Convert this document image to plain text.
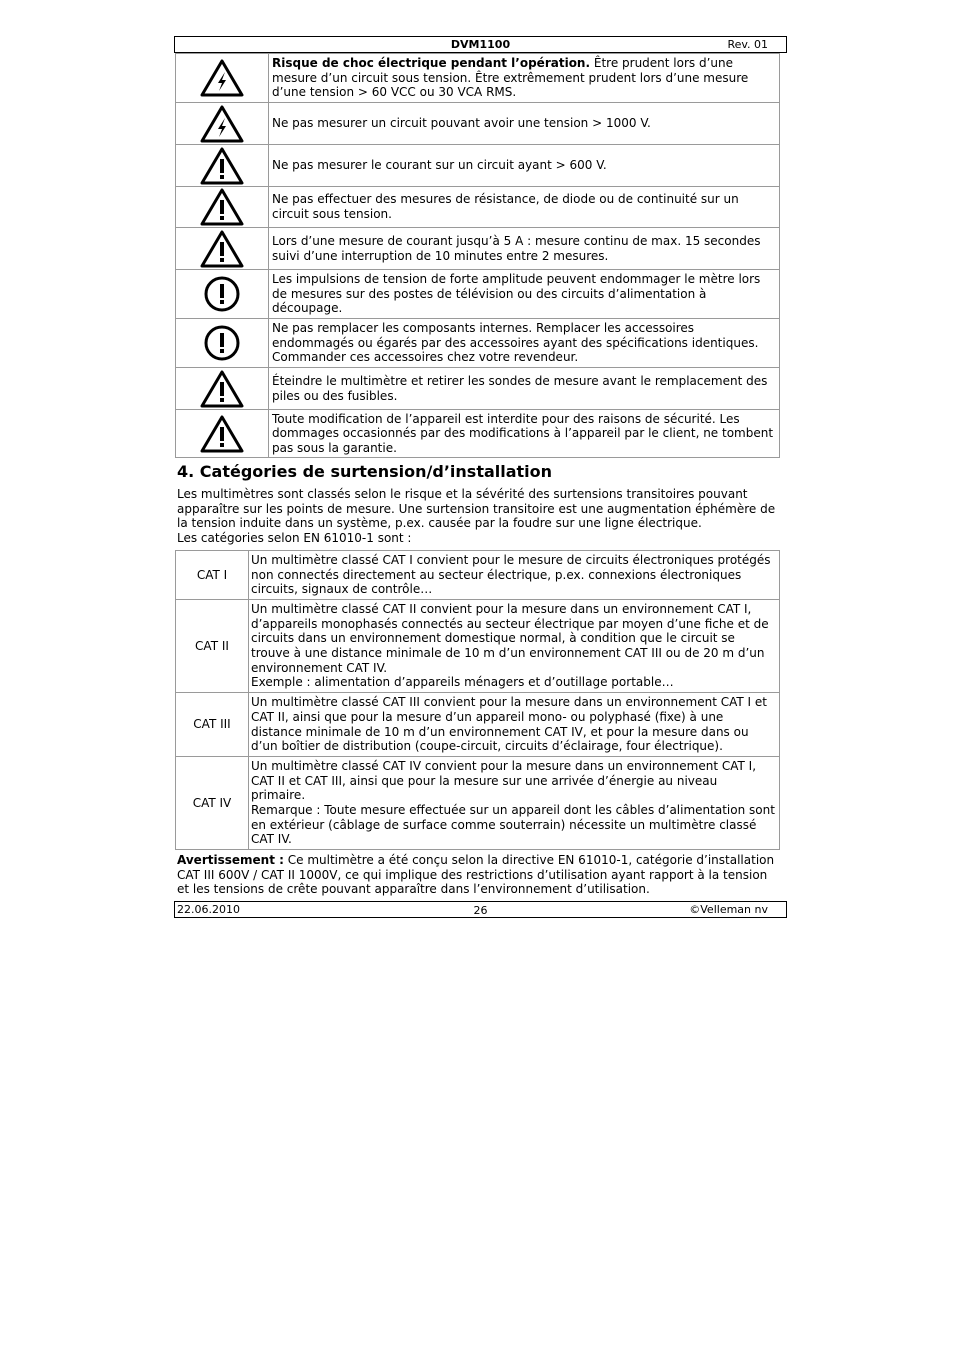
DVM1100	Rev. 01
	Risque de choc électrique pendant l’opération. Être prudent lors d’une mesure d’un circuit sous tension. Être extrêmement prudent lors d’une mesure d’une tension > 60 VCC ou 30 VCA RMS.

	Ne pas mesurer un circuit pouvant avoir une tension > 1000 V.

	Ne pas mesurer le courant sur un circuit ayant > 600 V.

	Ne pas effectuer des mesures de résistance, de diode ou de continuité sur un circuit sous tension.

	Lors d’une mesure de courant jusqu’à 5 A : mesure continu de max. 15 secondes suivi d’une interruption de 10 minutes entre 2 mesures.

	Les impulsions de tension de forte amplitude peuvent endommager le mètre lors de mesures sur des postes de télévision ou des circuits d’alimentation à découpage.

	Ne pas remplacer les composants internes. Remplacer les accessoires endommagés ou égarés par des accessoires ayant des spécifications identiques. Commander ces accessoires chez votre revendeur.

	Éteindre le multimètre et retirer les sondes de mesure avant le remplacement des piles ou des fusibles.

	Toute modification de l’appareil est interdite pour des raisons de sécurité. Les dommages occasionnés par des modifications à l’appareil par le client, ne tombent pas sous la garantie.
4. Catégories de surtension/d’installation

Les multimètres sont classés selon le risque et la sévérité des surtensions transitoires pouvant apparaître sur les points de mesure. Une surtension transitoire est une augmentation éphémère de la tension induite dans un système, p.ex. causée par la foudre sur une ligne électrique.

Les catégories selon EN 61010-1 sont :

CAT I	Un multimètre classé CAT I convient pour le mesure de circuits électroniques protégés non connectés directement au secteur électrique, p.ex. connexions électroniques circuits, signaux de contrôle…

CAT II	Un multimètre classé CAT II convient pour la mesure dans un environnement CAT I, d’appareils monophasés connectés au secteur électrique par moyen d’une fiche et de circuits dans un environnement domestique normal, à condition que le circuit se trouve à une distance minimale de 10 m d’un environnement CAT III ou de 20 m d’un environnement CAT IV.
Exemple : alimentation d’appareils ménagers et d’outillage portable…

CAT III	Un multimètre classé CAT III convient pour la mesure dans un environnement CAT I et CAT II, ainsi que pour la mesure d’un appareil mono- ou polyphasé (fixe) à une distance minimale de 10 m d’un environnement CAT IV, et pour la mesure dans ou d’un boîtier de distribution (coupe-circuit, circuits d’éclairage, four électrique).

CAT IV	Un multimètre classé CAT IV convient pour la mesure dans un environnement CAT I, CAT II et CAT III, ainsi que pour la mesure sur une arrivée d’énergie au niveau primaire.
Remarque : Toute mesure effectuée sur un appareil dont les câbles d’alimentation sont en extérieur (câblage de surface comme souterrain) nécessite un multimètre classé CAT IV.
Avertissement : Ce multimètre a été conçu selon la directive EN 61010-1, catégorie d’installation CAT III 600V / CAT II 1000V, ce qui implique des restrictions d’utilisation ayant rapport à la tension et les tensions de crête pouvant apparaître dans l’environnement d’utilisation.
22.06.2010	26	©Velleman nv
